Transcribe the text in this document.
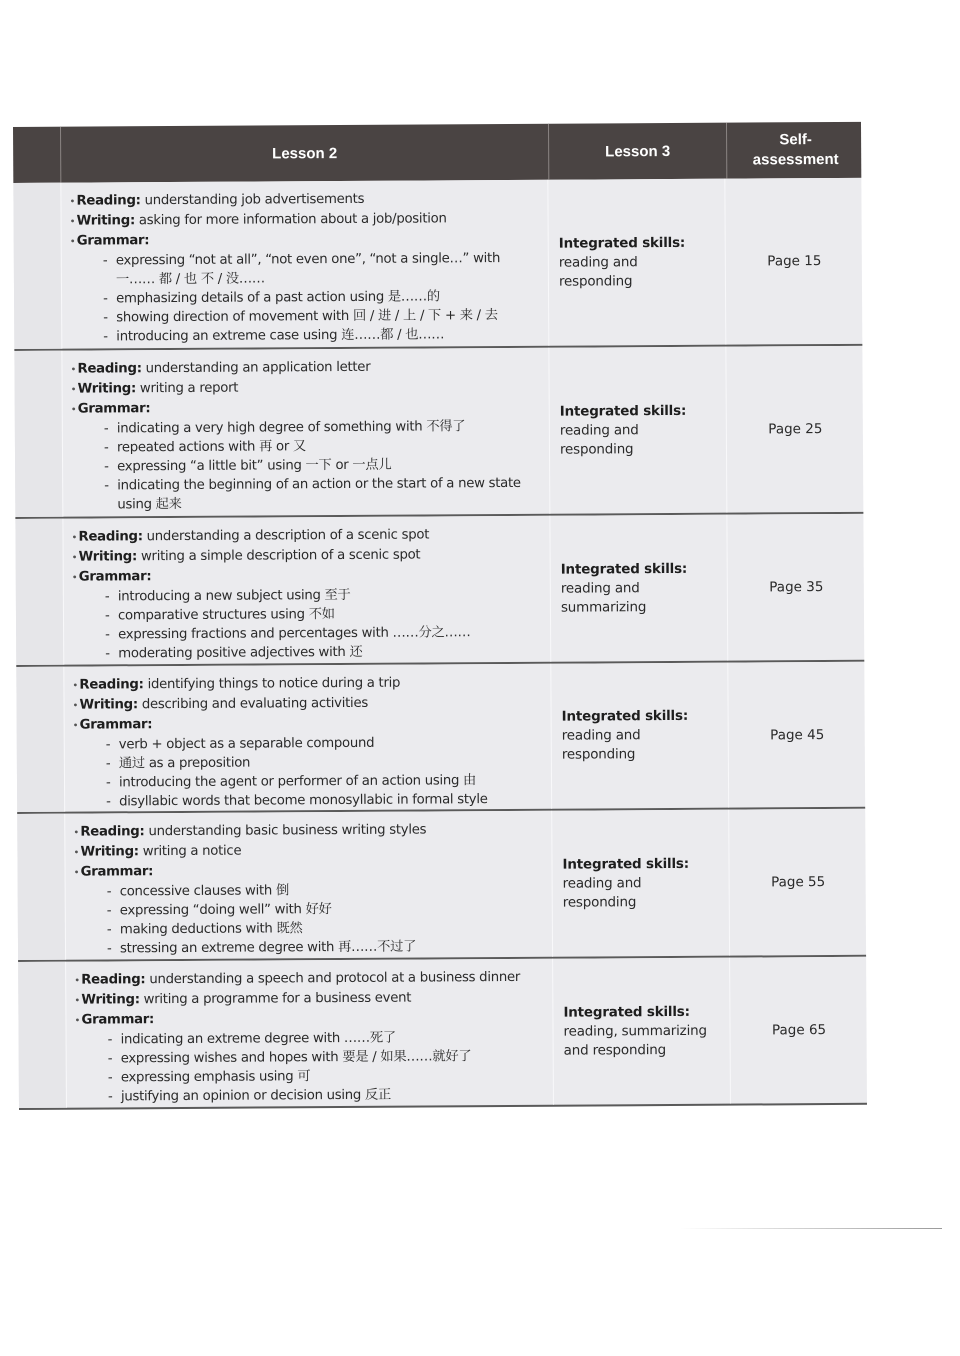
Lesson 2	Lesson 3
Self-
assessment
•Reading: understanding job advertisements
•Writing: asking for more information about a job/position
•Grammar:
- expressing “not at all”, “not even one”, “not a single…” with 一…… 都 / 也 不 / 没……
- emphasizing details of a past action using 是……的
- showing direction of movement with 回 / 进 / 上 / 下 + 来 / 去
- introducing an extreme case using 连……都 / 也……
Integrated skills: reading and responding
Page 15
•Reading: understanding an application letter
•Writing: writing a report
•Grammar:
- indicating a very high degree of something with 不得了
- repeated actions with 再 or 又
- expressing “a little bit” using 一下 or 一点儿
- indicating the beginning of an action or the start of a new state using 起来
Integrated skills: reading and responding
Page 25
•Reading: understanding a description of a scenic spot
•Writing: writing a simple description of a scenic spot
•Grammar:
- introducing a new subject using 至于
- comparative structures using 不如
- expressing fractions and percentages with ……分之……
- moderating positive adjectives with 还
Integrated skills: reading and summarizing
Page 35
•Reading: identifying things to notice during a trip
•Writing: describing and evaluating activities
•Grammar:
- verb + object as a separable compound
- 通过 as a preposition
- introducing the agent or performer of an action using 由
- disyllabic words that become monosyllabic in formal style
Integrated skills: reading and responding
Page 45
•Reading: understanding basic business writing styles
•Writing: writing a notice
•Grammar:
- concessive clauses with 倒
- expressing “doing well” with 好好
- making deductions with 既然
- stressing an extreme degree with 再……不过了
Integrated skills: reading and responding
Page 55
•Reading: understanding a speech and protocol at a business dinner
•Writing: writing a programme for a business event
•Grammar:
- indicating an extreme degree with ……死了
- expressing wishes and hopes with 要是 / 如果……就好了
- expressing emphasis using 可
- justifying an opinion or decision using 反正
Integrated skills: reading, summarizing and responding
Page 65
